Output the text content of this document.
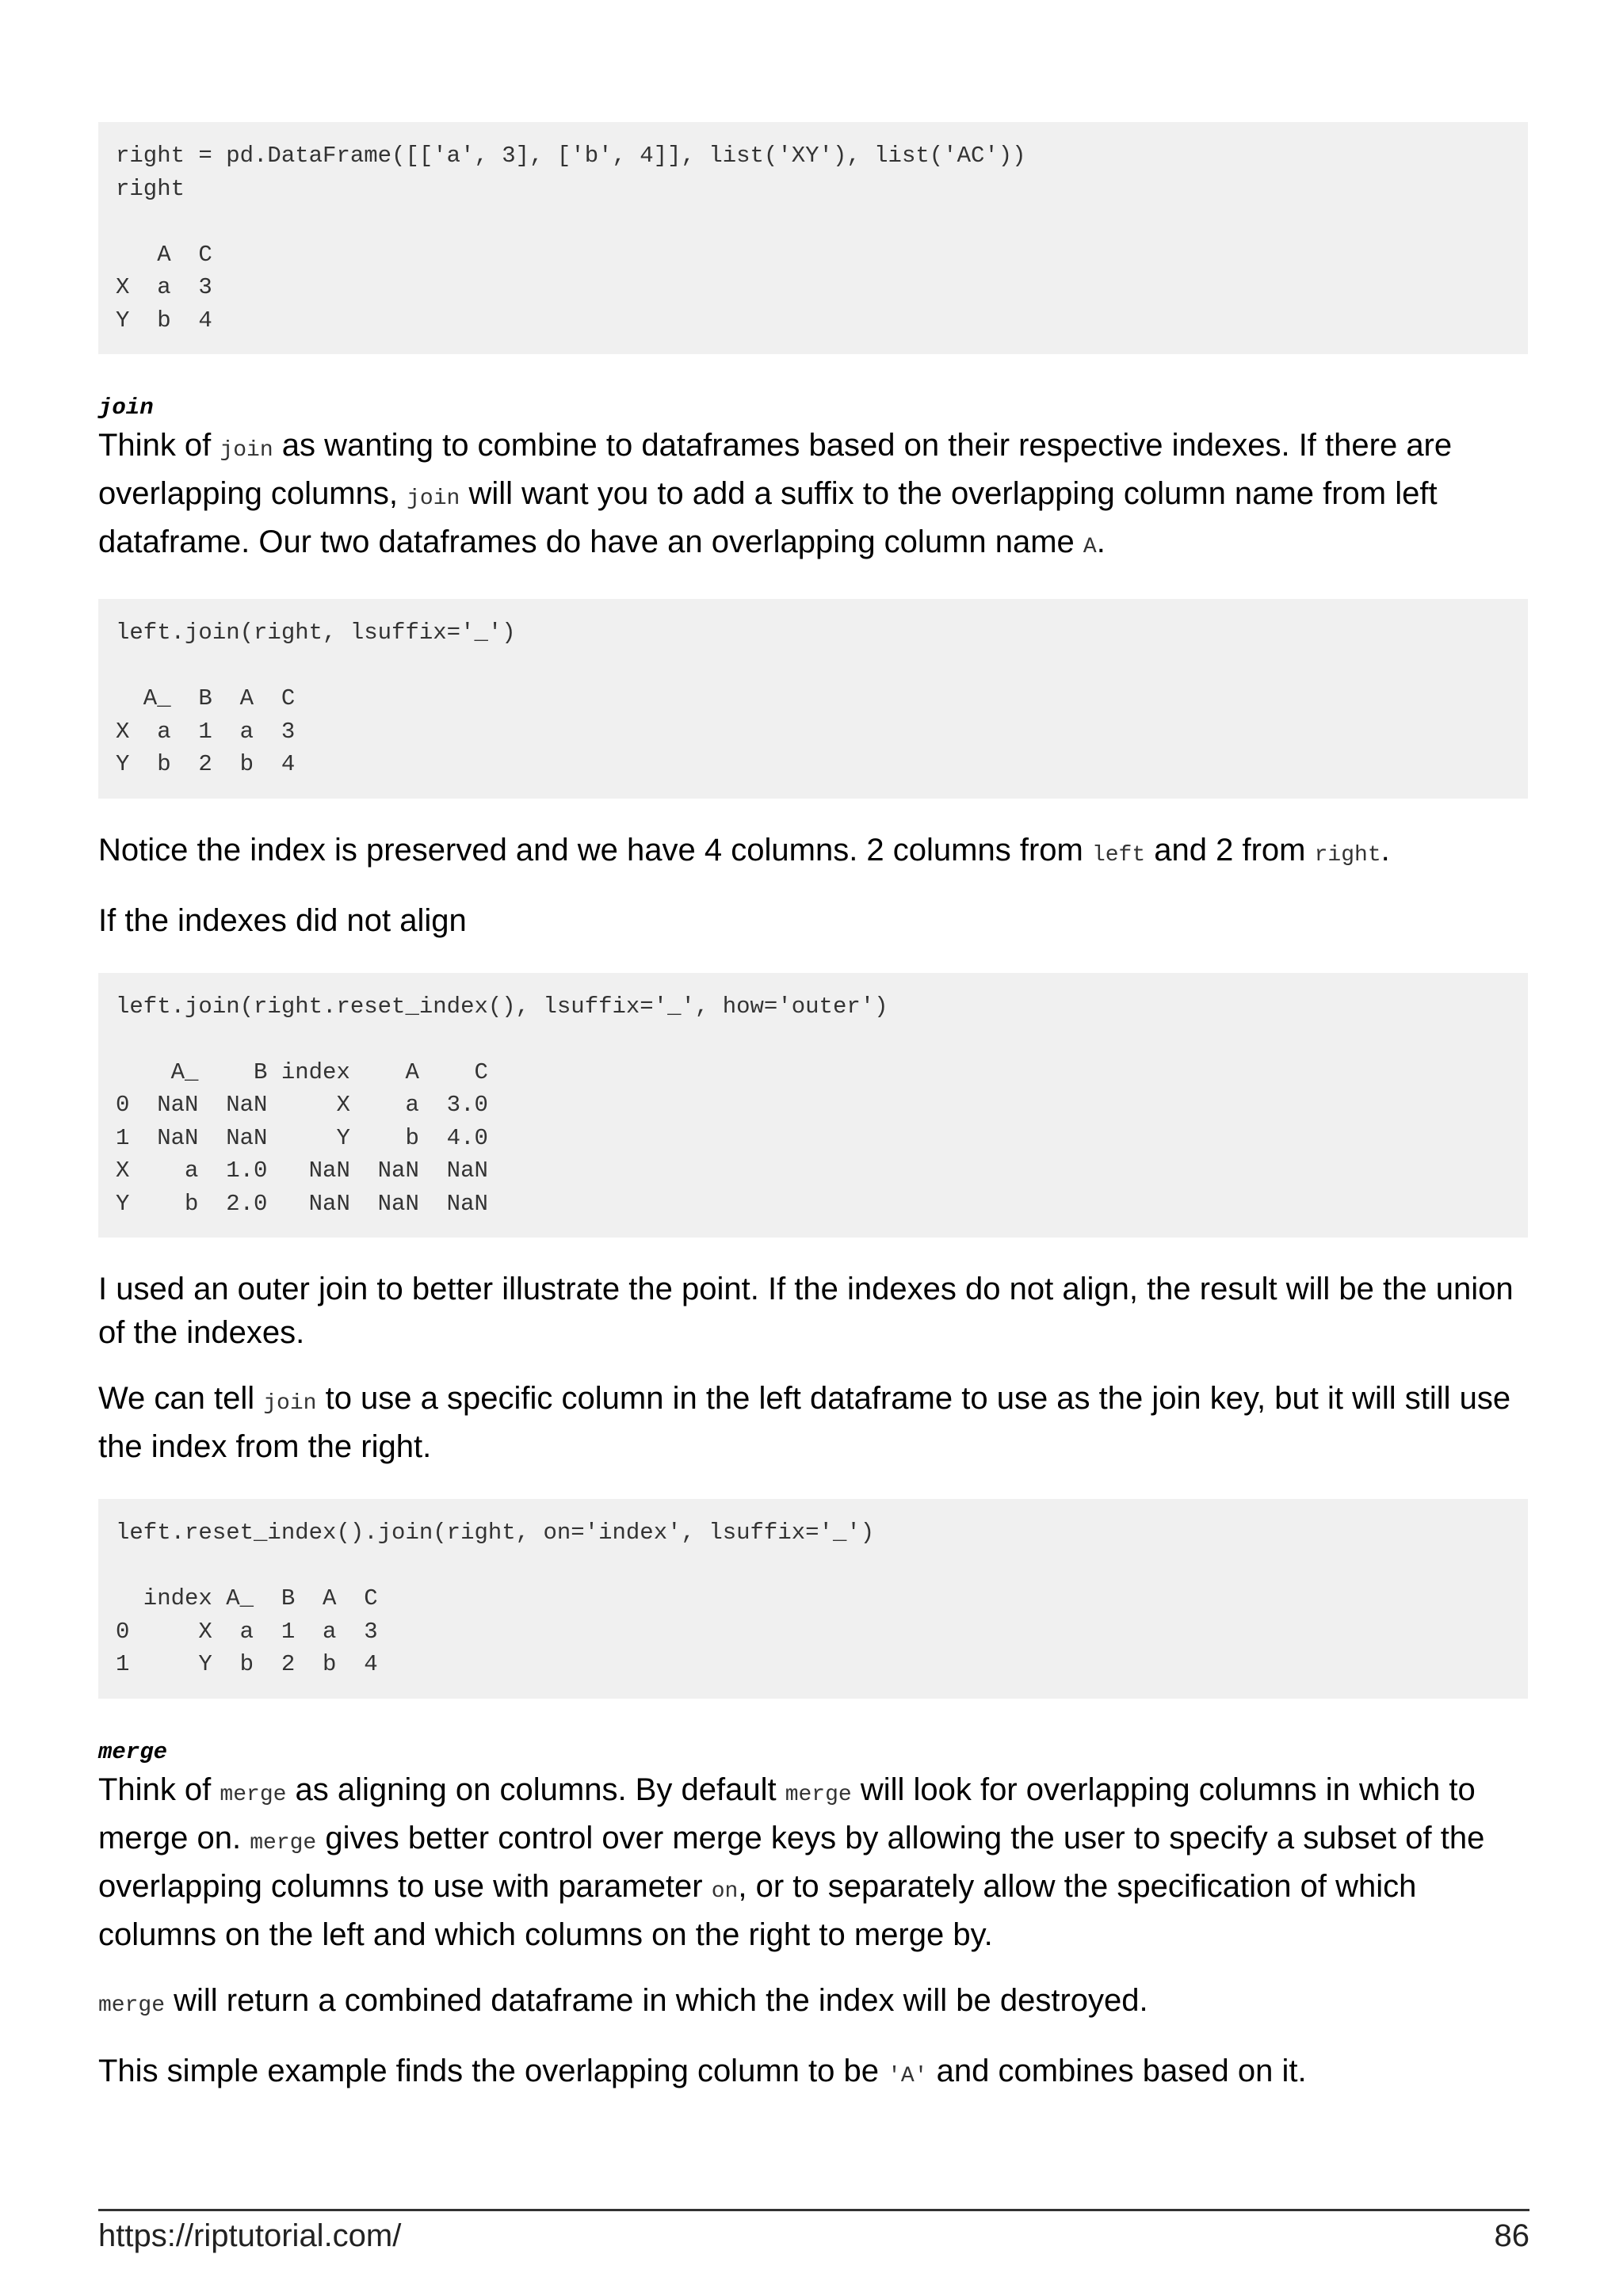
right = pd.DataFrame([['a', 3], ['b', 4]], list('XY'), list('AC'))
right
A  C
X  a  3
Y  b  4
join

Think of join as wanting to combine to dataframes based on their respective indexes. If there are overlapping columns, join will want you to add a suffix to the overlapping column name from left dataframe. Our two dataframes do have an overlapping column name A.

left.join(right, lsuffix='_')
A_  B  A  C
X  a  1  a  3
Y  b  2  b  4

Notice the index is preserved and we have 4 columns. 2 columns from left and 2 from right.

If the indexes did not align

left.join(right.reset_index(), lsuffix='_', how='outer')
A_    B index    A    C
0  NaN  NaN     X    a  3.0
1  NaN  NaN     Y    b  4.0
X    a  1.0   NaN  NaN  NaN
Y    b  2.0   NaN  NaN  NaN

I used an outer join to better illustrate the point. If the indexes do not align, the result will be the union of the indexes.

We can tell join to use a specific column in the left dataframe to use as the join key, but it will still use the index from the right.

left.reset_index().join(right, on='index', lsuffix='_')
index A_  B  A  C
0     X  a  1  a  3
1     Y  b  2  b  4
merge

Think of merge as aligning on columns. By default merge will look for overlapping columns in which to merge on. merge gives better control over merge keys by allowing the user to specify a subset of the overlapping columns to use with parameter on, or to separately allow the specification of which columns on the left and which columns on the right to merge by.

merge will return a combined dataframe in which the index will be destroyed.

This simple example finds the overlapping column to be 'A' and combines based on it.

https://riptutorial.com/	86
